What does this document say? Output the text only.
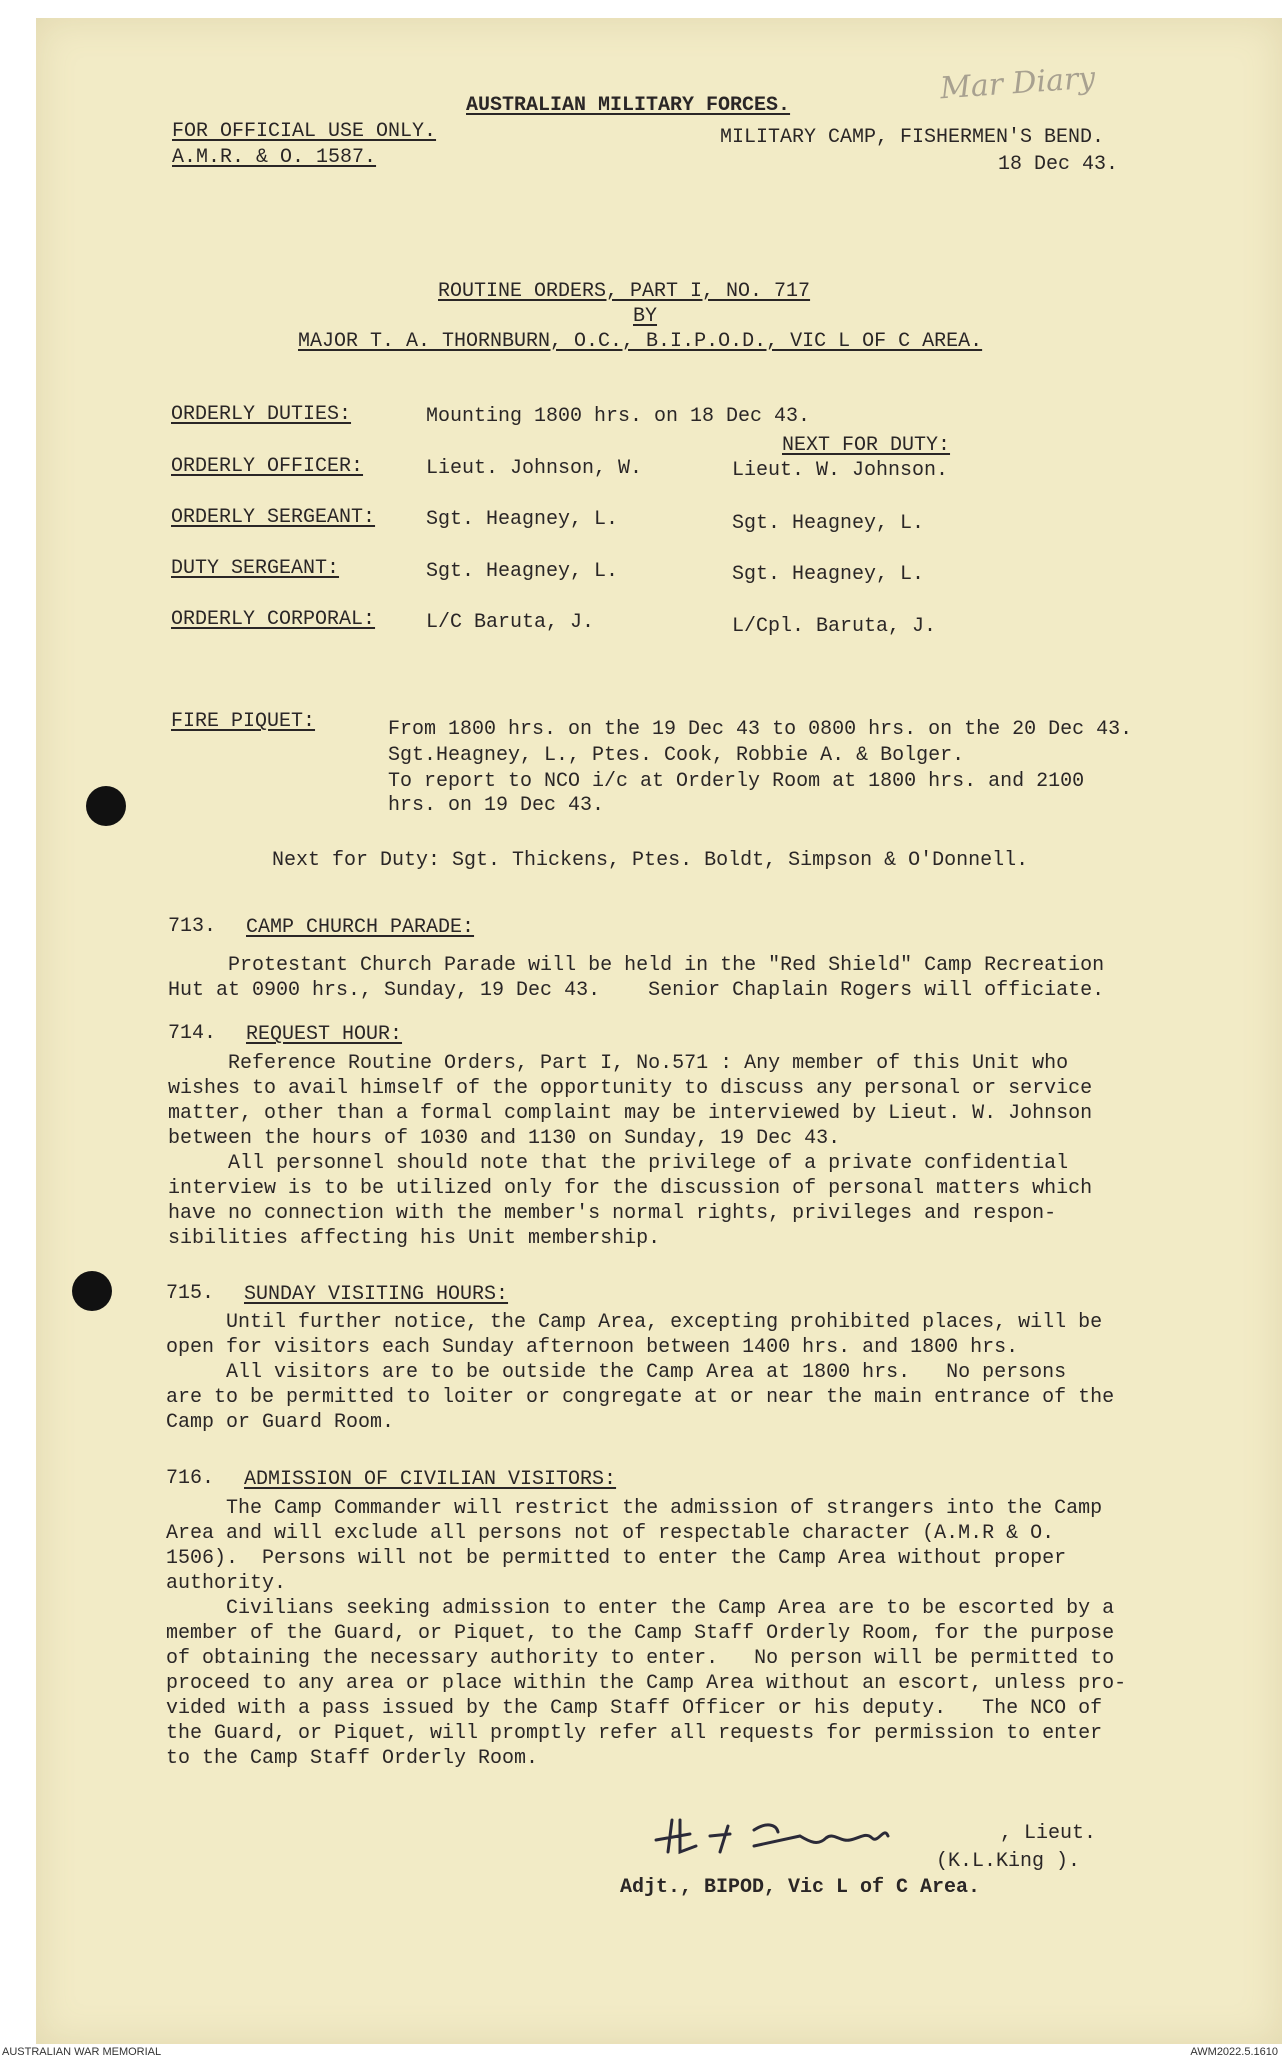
Mar Diary
AUSTRALIAN MILITARY FORCES.
FOR OFFICIAL USE ONLY.
A.M.R. & O. 1587.
MILITARY CAMP, FISHERMEN'S BEND.
18 Dec 43.
ROUTINE ORDERS, PART I, NO. 717
BY
MAJOR T. A. THORNBURN, O.C., B.I.P.O.D., VIC L OF C AREA.
ORDERLY DUTIES:	Mounting 1800 hrs. on 18 Dec 43.
NEXT FOR DUTY:
ORDERLY OFFICER:	Lieut. Johnson, W.	Lieut. W. Johnson.
ORDERLY SERGEANT:	Sgt. Heagney, L.	Sgt. Heagney, L.
DUTY SERGEANT:	Sgt. Heagney, L.	Sgt. Heagney, L.
ORDERLY CORPORAL:	L/C Baruta, J.	L/Cpl. Baruta, J.
FIRE PIQUET:	From 1800 hrs. on the 19 Dec 43 to 0800 hrs. on the 20 Dec 43.
Sgt.Heagney, L., Ptes. Cook, Robbie A. & Bolger.
To report to NCO i/c at Orderly Room at 1800 hrs. and 2100
hrs. on 19 Dec 43.
Next for Duty: Sgt. Thickens, Ptes. Boldt, Simpson & O'Donnell.
713. CAMP CHURCH PARADE:
Protestant Church Parade will be held in the "Red Shield" Camp Recreation
Hut at 0900 hrs., Sunday, 19 Dec 43.    Senior Chaplain Rogers will officiate.
714. REQUEST HOUR:
Reference Routine Orders, Part I, No.571 : Any member of this Unit who
wishes to avail himself of the opportunity to discuss any personal or service
matter, other than a formal complaint may be interviewed by Lieut. W. Johnson
between the hours of 1030 and 1130 on Sunday, 19 Dec 43.
All personnel should note that the privilege of a private confidential
interview is to be utilized only for the discussion of personal matters which
have no connection with the member's normal rights, privileges and respon-
sibilities affecting his Unit membership.
715. SUNDAY VISITING HOURS:
Until further notice, the Camp Area, excepting prohibited places, will be
open for visitors each Sunday afternoon between 1400 hrs. and 1800 hrs.
All visitors are to be outside the Camp Area at 1800 hrs.   No persons
are to be permitted to loiter or congregate at or near the main entrance of the
Camp or Guard Room.
716. ADMISSION OF CIVILIAN VISITORS:
The Camp Commander will restrict the admission of strangers into the Camp
Area and will exclude all persons not of respectable character (A.M.R & O.
1506).  Persons will not be permitted to enter the Camp Area without proper
authority.
Civilians seeking admission to enter the Camp Area are to be escorted by a
member of the Guard, or Piquet, to the Camp Staff Orderly Room, for the purpose
of obtaining the necessary authority to enter.   No person will be permitted to
proceed to any area or place within the Camp Area without an escort, unless pro-
vided with a pass issued by the Camp Staff Officer or his deputy.   The NCO of
the Guard, or Piquet, will promptly refer all requests for permission to enter
to the Camp Staff Orderly Room.
, Lieut.
(K.L.King ).
Adjt., BIPOD, Vic L of C Area.
AUSTRALIAN WAR MEMORIAL	AWM2022.5.1610
